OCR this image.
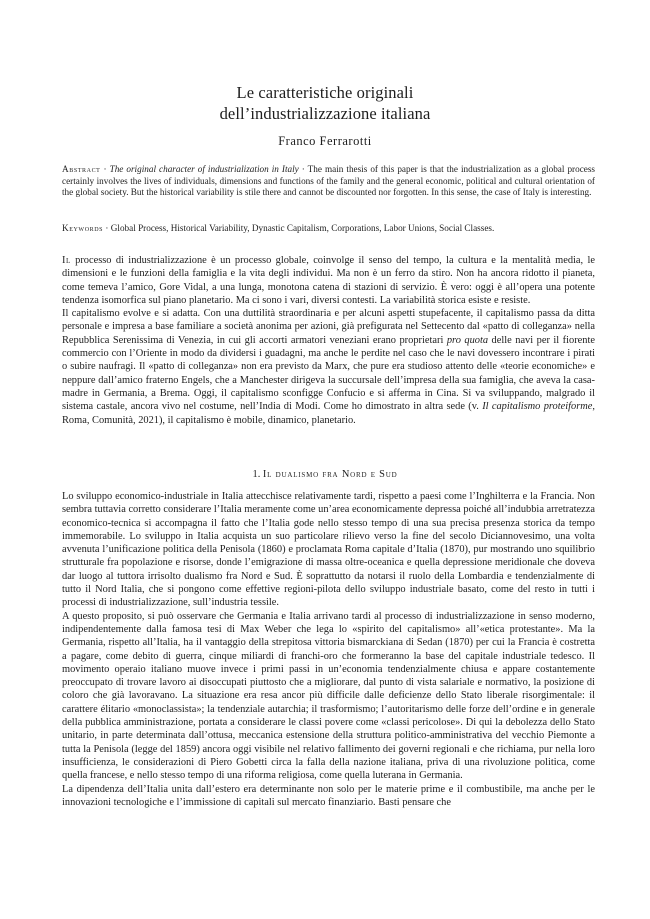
Le caratteristiche originali
dell’industrializzazione italiana
Franco Ferrarotti
Abstract · The original character of industrialization in Italy · The main thesis of this paper is that the industrialization as a global process certainly involves the lives of individuals, dimensions and functions of the family and the general economic, political and cultural orientation of the global society. But the historical variability is stile there and cannot be discounted nor forgotten. In this sense, the case of Italy is interesting.
Keywords · Global Process, Historical Variability, Dynastic Capitalism, Corporations, Labor Unions, Social Classes.

Il processo di industrializzazione è un processo globale, coinvolge il senso del tempo, la cultura e la mentalità media, le dimensioni e le funzioni della famiglia e la vita degli individui. Ma non è un ferro da stiro. Non ha ancora ridotto il pianeta, come temeva l’amico, Gore Vidal, a una lunga, monotona catena di stazioni di servizio. È vero: oggi è all’opera una potente tendenza isomorfica sul piano planetario. Ma ci sono i vari, diversi contesti. La variabilità storica esiste e resiste.

Il capitalismo evolve e si adatta. Con una duttilità straordinaria e per alcuni aspetti stupefacente, il capitalismo passa da ditta personale e impresa a base familiare a società anonima per azioni, già prefigurata nel Settecento dal «patto di colleganza» nella Repubblica Serenissima di Venezia, in cui gli accorti armatori veneziani erano proprietari pro quota delle navi per il fiorente commercio con l’Oriente in modo da dividersi i guadagni, ma anche le perdite nel caso che le navi dovessero incontrare i pirati o subire naufragi. Il «patto di colleganza» non era previsto da Marx, che pure era studioso attento delle «teorie economiche» e neppure dall’amico fraterno Engels, che a Manchester dirigeva la succursale dell’impresa della sua famiglia, che aveva la casa-madre in Germania, a Brema. Oggi, il capitalismo sconfigge Confucio e si afferma in Cina. Si va sviluppando, malgrado il sistema castale, ancora vivo nel costume, nell’India di Modi. Come ho dimostrato in altra sede (v. Il capitalismo proteiforme, Roma, Comunità, 2021), il capitalismo è mobile, dinamico, planetario.

1. Il dualismo fra Nord e Sud

Lo sviluppo economico-industriale in Italia attecchisce relativamente tardi, rispetto a paesi come l’Inghilterra e la Francia. Non sembra tuttavia corretto considerare l’Italia meramente come un’area economicamente depressa poiché all’indubbia arretratezza economico-tecnica si accompagna il fatto che l’Italia gode nello stesso tempo di una sua precisa presenza storica da tempo immemorabile. Lo sviluppo in Italia acquista un suo particolare rilievo verso la fine del secolo Diciannovesimo, una volta avvenuta l’unificazione politica della Penisola (1860) e proclamata Roma capitale d’Italia (1870), pur mostrando uno squilibrio strutturale fra popolazione e risorse, donde l’emigrazione di massa oltre-oceanica e quella depressione meridionale che doveva dar luogo al tuttora irrisolto dualismo fra Nord e Sud. È soprattutto da notarsi il ruolo della Lombardia e tendenzialmente di tutto il Nord Italia, che si pongono come effettive regioni-pilota dello sviluppo industriale basato, come del resto in tutti i processi di industrializzazione, sull’industria tessile.

A questo proposito, si può osservare che Germania e Italia arrivano tardi al processo di industrializzazione in senso moderno, indipendentemente dalla famosa tesi di Max Weber che lega lo «spirito del capitalismo» all’«etica protestante». Ma la Germania, rispetto all’Italia, ha il vantaggio della strepitosa vittoria bismarckiana di Sedan (1870) per cui la Francia è costretta a pagare, come debito di guerra, cinque miliardi di franchi-oro che formeranno la base del capitale industriale tedesco. Il movimento operaio italiano muove invece i primi passi in un’economia tendenzialmente chiusa e appare costantemente preoccupato di trovare lavoro ai disoccupati piuttosto che a migliorare, dal punto di vista salariale e normativo, la posizione di coloro che già lavoravano. La situazione era resa ancor più difficile dalle deficienze dello Stato liberale risorgimentale: il carattere élitario «monoclassista»; la tendenziale autarchia; il trasformismo; l’autoritarismo delle forze dell’ordine e in generale della pubblica amministrazione, portata a considerare le classi povere come «classi pericolose». Di qui la debolezza dello Stato unitario, in parte determinata dall’ottusa, meccanica estensione della struttura politico-amministrativa del vecchio Piemonte a tutta la Penisola (legge del 1859) ancora oggi visibile nel relativo fallimento dei governi regionali e che richiama, pur nella loro insufficienza, le considerazioni di Piero Gobetti circa la falla della nazione italiana, priva di una rivoluzione politica, come quella francese, e nello stesso tempo di una riforma religiosa, come quella luterana in Germania.

La dipendenza dell’Italia unita dall’estero era determinante non solo per le materie prime e il combustibile, ma anche per le innovazioni tecnologiche e l’immissione di capitali sul mercato finanziario. Basti pensare che
